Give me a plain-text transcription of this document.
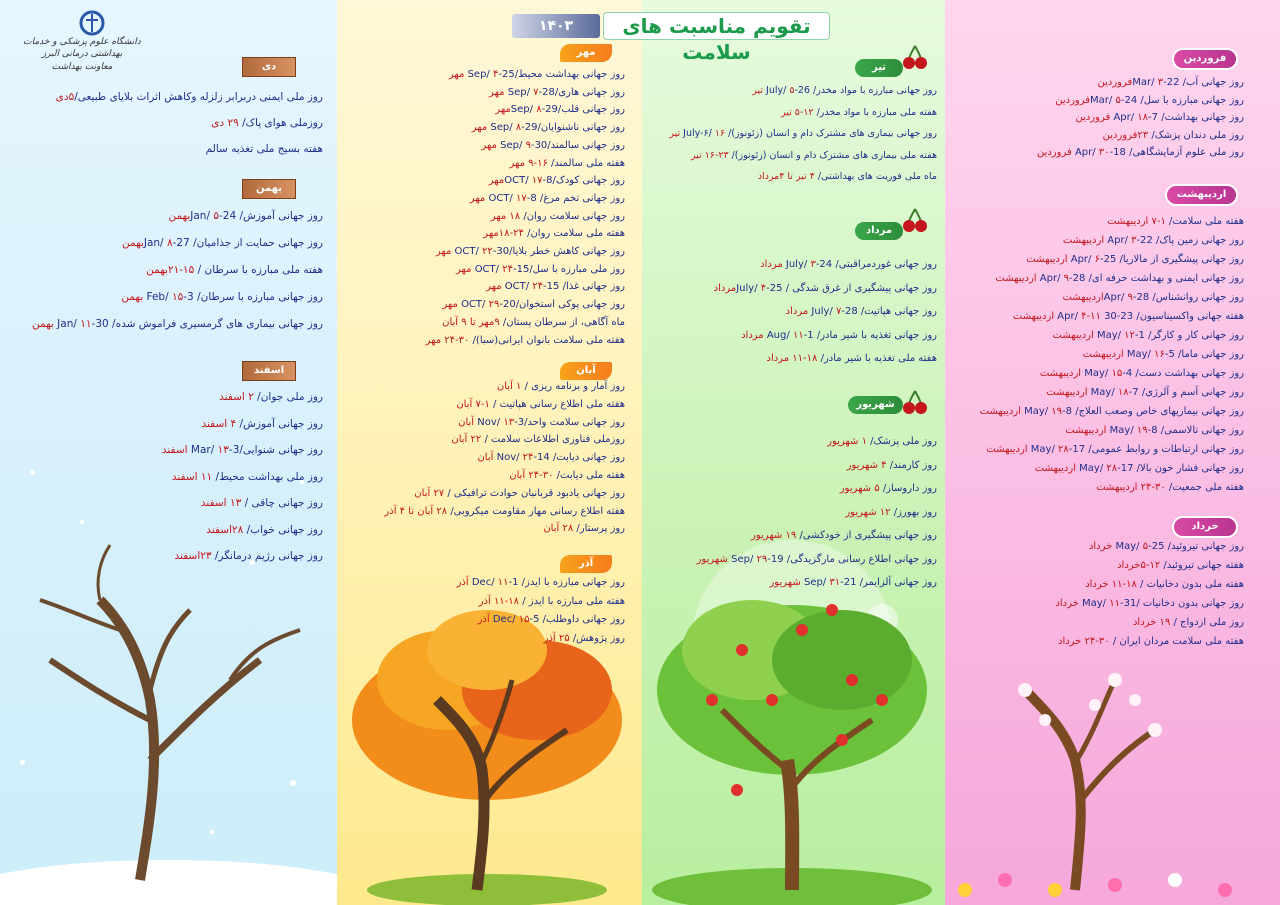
۱۴۰۳	تقویم مناسبت های سلامت
دانشگاه علوم پزشکی و خدمات بهداشتی درمانی البرز
معاونت بهداشت	دی
بهمن
اسفند
مهر
آبان
آذر
تیر
مرداد
شهریور
فروردین
اردیبهشت
خرداد
روز ملی ایمنی دربرابر زلزله وکاهش اثرات بلایای طبیعی/۵دی
روزملی هوای پاک/ ۲۹ دی
هفته بسیج ملی تغذیه سالم
روز جهانی آموزش/ 24-Jan/ ۵بهمن
روز جهانی حمایت از جذامیان/ 27-Jan/ ۸بهمن
هفته ملی مبارزه با سرطان / ۱۵-۲۱بهمن
روز جهانی مبارزه با سرطان/ 3-Feb/ ۱۵ بهمن
روز جهانی بیماری های گرمسیری فراموش شده/ 30-Jan/ ۱۱ بهمن
روز ملی جوان/ ۲ اسفند
روز جهانی آموزش/ ۴ اسفند
روز جهانی شنوایی/3-Mar/ ۱۳ اسفند
روز ملی بهداشت محیط/ ۱۱ اسفند
روز جهانی چاقی / ۱۳ اسفند
روز جهانی خواب/ ۲۸اسفند
روز جهانی رژیم درمانگر/ ۲۳اسفند
روز جهانی بهداشت محیط/25-Sep/ ۴ مهر
روز جهانی هاری/28-Sep/ ۷ مهر
روز جهانی قلب/29-Sep/ ۸مهر
روز جهانی ناشنوایان/29-Sep/ ۸ مهر
روز جهانی سالمند/30-Sep/ ۹ مهر
هفته ملی سالمند/ ۱۶-۹ مهر
روز جهانی کودک/8-OCT/ ۱۷مهر
روز جهانی تخم مرغ/ 8-OCT/ ۱۷ مهر
روز جهانی سلامت روان/ ۱۸ مهر
هفته ملی سلامت روان/ ۲۴-۱۸مهر
روز جهانی کاهش خطر بلایا/30-OCT/ ۲۲ مهر
روز ملی مبارزه با سل/15-OCT/ ۲۴ مهر
روز جهانی غذا/ 15-OCT/ ۲۴ مهر
روز جهانی پوکی استخوان/20-OCT/ ۲۹ مهر
ماه آگاهی، از سرطان پستان/ ۹مهر تا ۹ آبان
هفته ملی سلامت بانوان ایرانی(سبا)/ ۳۰-۲۴ مهر
روز آمار و برنامه ریزی / ۱ آبان
هفته ملی اطلاع رسانی هپاتیت / ۱-۷ آبان
روز جهانی سلامت واحد/3-Nov/ ۱۳ آبان
روزملی فناوری اطلاعات سلامت / ۲۲ آبان
روز جهانی دیابت/ 14-Nov/ ۲۴ آبان
هفته ملی دیابت/ ۳۰-۲۴ آبان
روز جهانی یادبود قربانیان حوادث ترافیکی / ۲۷ آبان
هفته اطلاع رسانی مهار مقاومت میکروبی/ ۲۸ آبان تا ۴ آذر
روز پرستار/ ۲۸ آبان
روز جهانی مبارزه با ایدز/ 1-Dec/ ۱۱ آذر
هفته ملی مبارزه با ایدز / ۱۸-۱۱ آذر
روز جهانی داوطلب/ 5-Dec/ ۱۵ آذر
روز پژوهش/ ۲۵ آذر
روز جهانی مبارزه با مواد مخدر/ 26-July/ ۵ تیر
هفته ملی مبارزه با مواد مخدر/ ۱۲-۵ تیر
روز جهانی بیماری های مشترک دام و انسان (زئونوز)/ July-۶/ ۱۶ تیر
هفته ملی بیماری های مشترک دام و انسان (زئونوز)/ ۲۳-۱۶ تیر
ماه ملی فوریت های بهداشتی/ ۴ تیر تا ۴مرداد
روز جهانی غوردمراقبتی/ 24-July/ ۳ مرداد
روز جهانی پیشگیری از غرق شدگی / 25-July/ ۴مرداد
روز جهانی هپاتیت/ 28-July/ ۷ مرداد
روز جهانی تغذیه با شیر مادر/ 1-Aug/ ۱۱ مرداد
هفته ملی تغذیه با شیر مادر/ ۱۸-۱۱ مرداد
روز ملی پزشک/ ۱ شهریور
روز کارمند/ ۴ شهریور
روز داروساز/ ۵ شهریور
روز بهورز/ ۱۲ شهریور
روز جهانی پیشگیری از خودکشی/ ۱۹ شهریور
روز جهانی اطلاع رسانی مارگزیدگی/ 19-Sep/ ۲۹ شهریور
روز جهانی آلزایمر/ 21-Sep/ ۳۱ شهریور
روز جهانی آب/ 22-Mar/ ۳فروردین
روز جهانی مبارزه با سل/ 24-Mar/ ۵فروردین
روز جهانی بهداشت/ 7-Apr/ ۱۸ فروردین
روز ملی دندان پزشک/ ۲۳فروردین
روز ملی علوم آزمایشگاهی/ 18-Apr/ ۳۰ فروردین
هفته ملی سلامت/ ۱-۷ اردیبهشت
روز جهانی زمین پاک/ 22-Apr/ ۳ اردیبهشت
روز جهانی پیشگیری از مالاریا/ 25-Apr/ ۶ اردیبهشت
روز جهانی ایمنی و بهداشت حرفه ای/ 28-Apr/ ۹ اردیبهشت
روز جهانی روانشناس/ 28-Apr/ ۹اردیبهشت
هفته جهانی واکسیناسیون/ 23-30 Apr/ ۴-۱۱ اردیبهشت
روز جهانی کار و کارگر/ 1-May/ ۱۲ اردیبهشت
روز جهانی ماما/ 5-May/ ۱۶ اردیبهشت
روز جهانی بهداشت دست/ 4-May/ ۱۵ اردیبهشت
روز جهانی آسم و آلرژی/ 7-May/ ۱۸ اردیبهشت
روز جهانی بیماریهای خاص وصعب العلاج/ 8-May/ ۱۹ اردیبهشت
روز جهانی تالاسمی/ 8-May/ ۱۹ اردیبهشت
روز جهانی ارتباطات و روابط عمومی/ 17-May/ ۲۸ اردیبهشت
روز جهانی فشار خون بالا/ 17-May/ ۲۸ اردیبهشت
هفته ملی جمعیت/ ۳۰-۲۴ اردیبهشت
روز جهانی تیروئید/ 25-May/ ۵ خرداد
هفته جهانی تیروئید/ ۱۲-۵خرداد
هفته ملی بدون دخانیات / ۱۸-۱۱ خرداد
روز جهانی بدون دخانیات /31-May/ ۱۱ خرداد
روز ملی ازدواج / ۱۹ خرداد
هفته ملی سلامت مردان ایران / ۳۰-۲۴ خرداد
